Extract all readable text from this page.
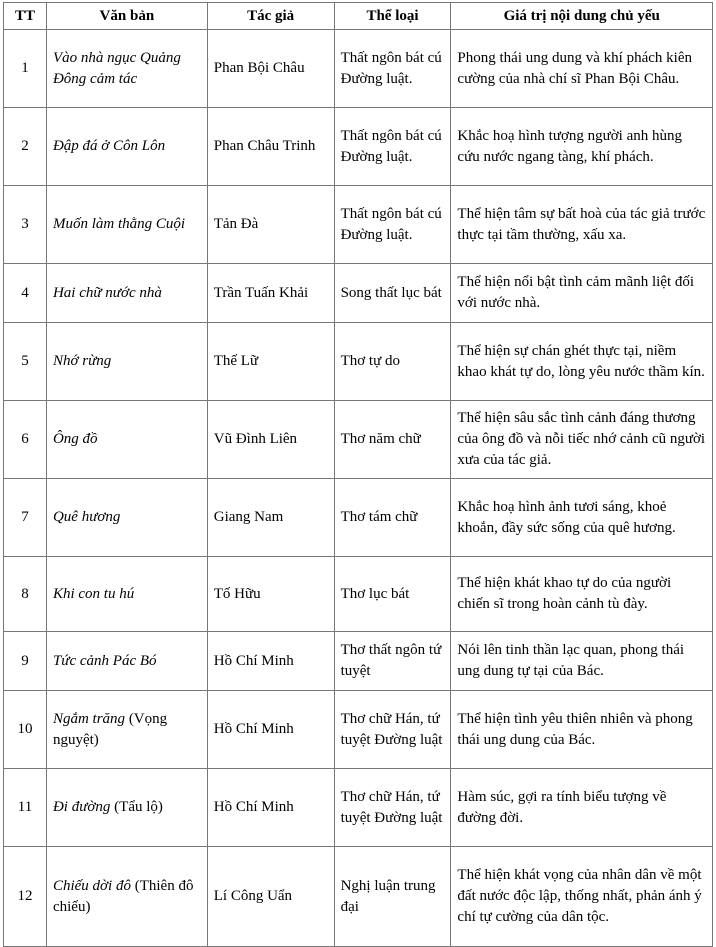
TT	Văn bản	Tác giả	Thể loại	Giá trị nội dung chủ yếu
1	Vào nhà ngục Quảng Đông cảm tác	Phan Bội Châu	Thất ngôn bát cú Đường luật.	Phong thái ung dung và khí phách kiên cường của nhà chí sĩ Phan Bội Châu.
2	Đập đá ở Côn Lôn	Phan Châu Trinh	Thất ngôn bát cú Đường luật.	Khắc hoạ hình tượng người anh hùng cứu nước ngang tàng, khí phách.
3	Muốn làm thằng Cuội	Tản Đà	Thất ngôn bát cú Đường luật.	Thể hiện tâm sự bất hoà của tác giả trước thực tại tầm thường, xấu xa.
4	Hai chữ nước nhà	Trần Tuấn Khải	Song thất lục bát	Thể hiện nổi bật tình cảm mãnh liệt đối với nước nhà.
5	Nhớ rừng	Thế Lữ	Thơ tự do	Thể hiện sự chán ghét thực tại, niềm khao khát tự do, lòng yêu nước thầm kín.
6	Ông đồ	Vũ Đình Liên	Thơ năm chữ	Thể hiện sâu sắc tình cảnh đáng thương của ông đồ và nỗi tiếc nhớ cảnh cũ người xưa của tác giả.
7	Quê hương	Giang Nam	Thơ tám chữ	Khắc hoạ hình ảnh tươi sáng, khoẻ khoắn, đầy sức sống của quê hương.
8	Khi con tu hú	Tố Hữu	Thơ lục bát	Thể hiện khát khao tự do của người chiến sĩ trong hoàn cảnh tù đày.
9	Tức cảnh Pác Bó	Hồ Chí Minh	Thơ thất ngôn tứ tuyệt	Nói lên tinh thần lạc quan, phong thái ung dung tự tại của Bác.
10	Ngắm trăng (Vọng nguyệt)	Hồ Chí Minh	Thơ chữ Hán, tứ tuyệt Đường luật	Thể hiện tình yêu thiên nhiên và phong thái ung dung của Bác.
11	Đi đường (Tẩu lộ)	Hồ Chí Minh	Thơ chữ Hán, tứ tuyệt Đường luật	Hàm súc, gợi ra tính biểu tượng về đường đời.
12	Chiếu dời đô (Thiên đô chiếu)	Lí Công Uẩn	Nghị luận trung đại	Thể hiện khát vọng của nhân dân về một đất nước độc lập, thống nhất, phản ánh ý chí tự cường của dân tộc.
